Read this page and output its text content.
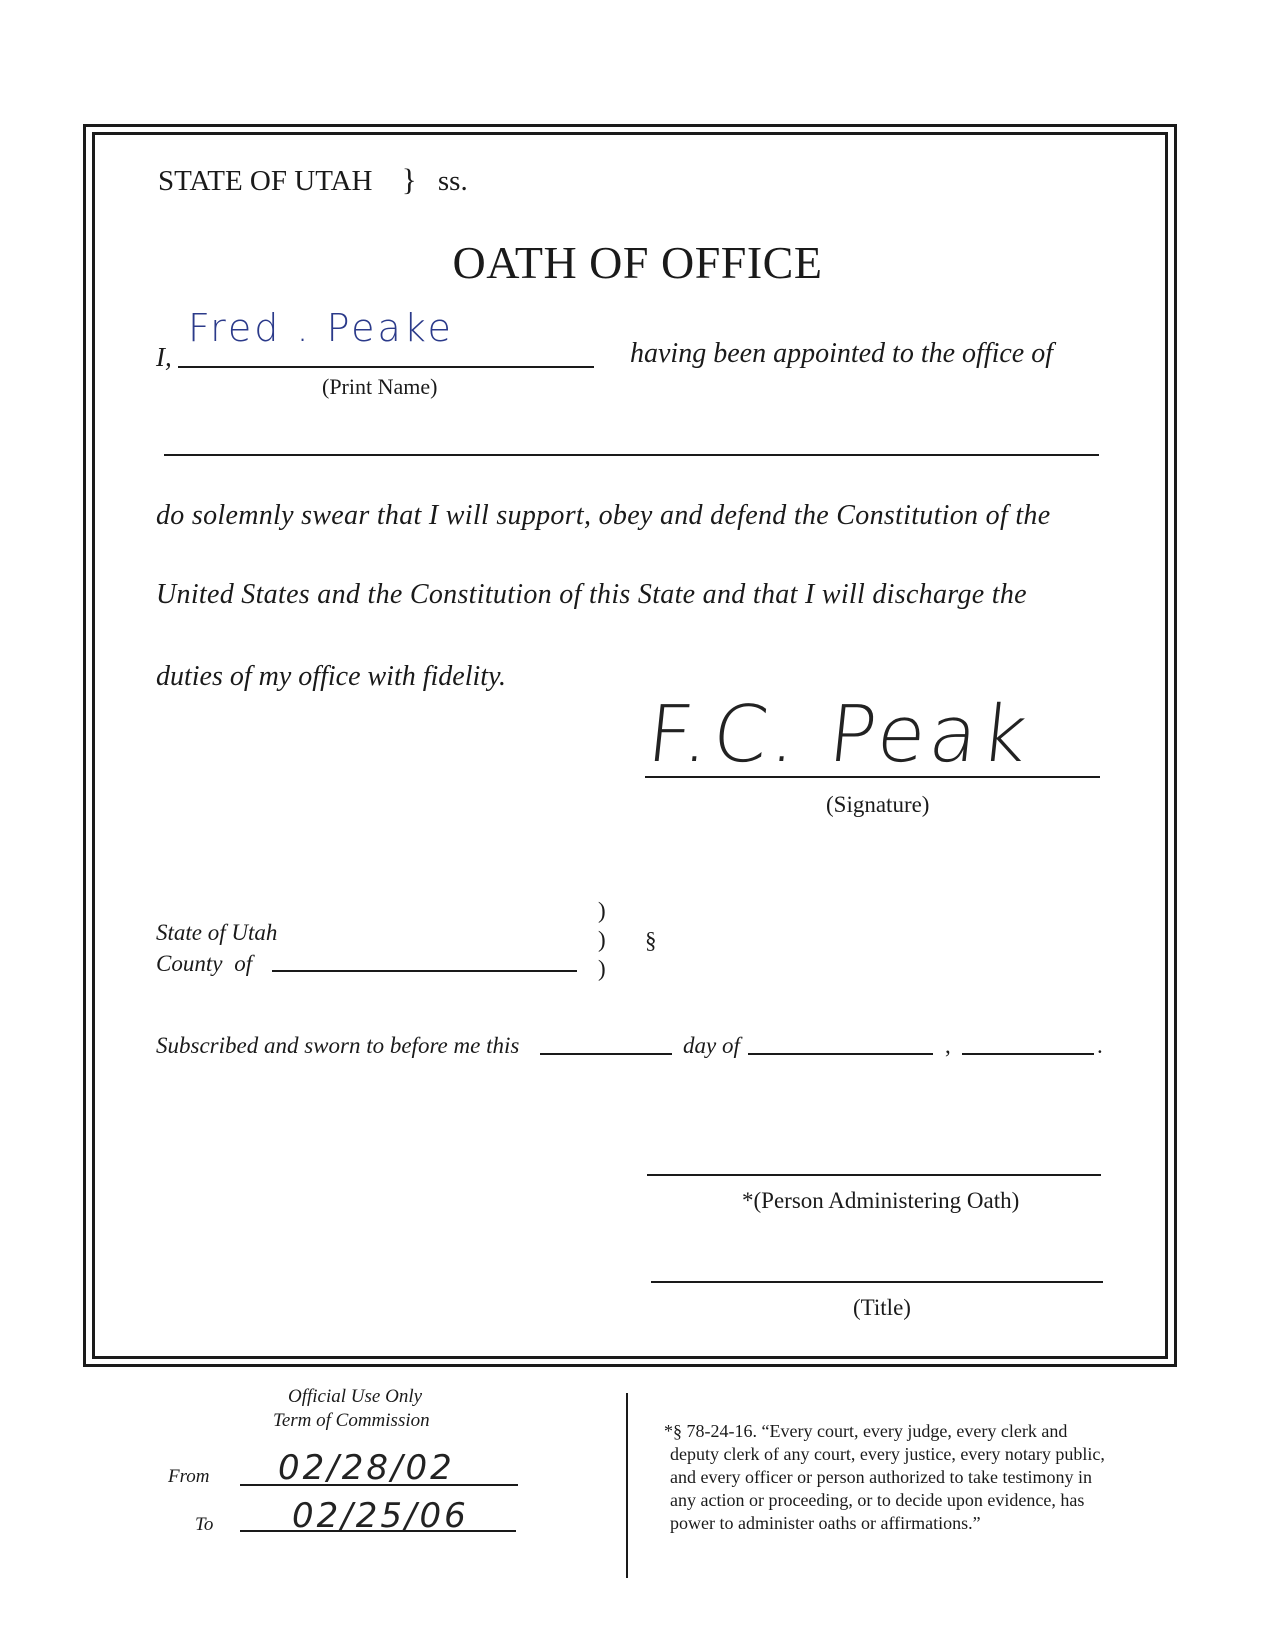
STATE OF UTAH } ss.
OATH OF OFFICE
I,
Fred . Peake
(Print Name)
having been appointed to the office of
do solemnly swear that I will support, obey and defend the Constitution of the
United States and the Constitution of this State and that I will discharge the
duties of my office with fidelity.
F.C. Peak
(Signature)
State of Utah
County of
)
)
)
§
Subscribed and sworn to before me this	day of	,	.
*(Person Administering Oath)
(Title)
Official Use Only
Term of Commission
From 02/28/02
To 02/25/06
*§ 78-24-16. “Every court, every judge, every clerk and
deputy clerk of any court, every justice, every notary public,
and every officer or person authorized to take testimony in
any action or proceeding, or to decide upon evidence, has
power to administer oaths or affirmations.”
